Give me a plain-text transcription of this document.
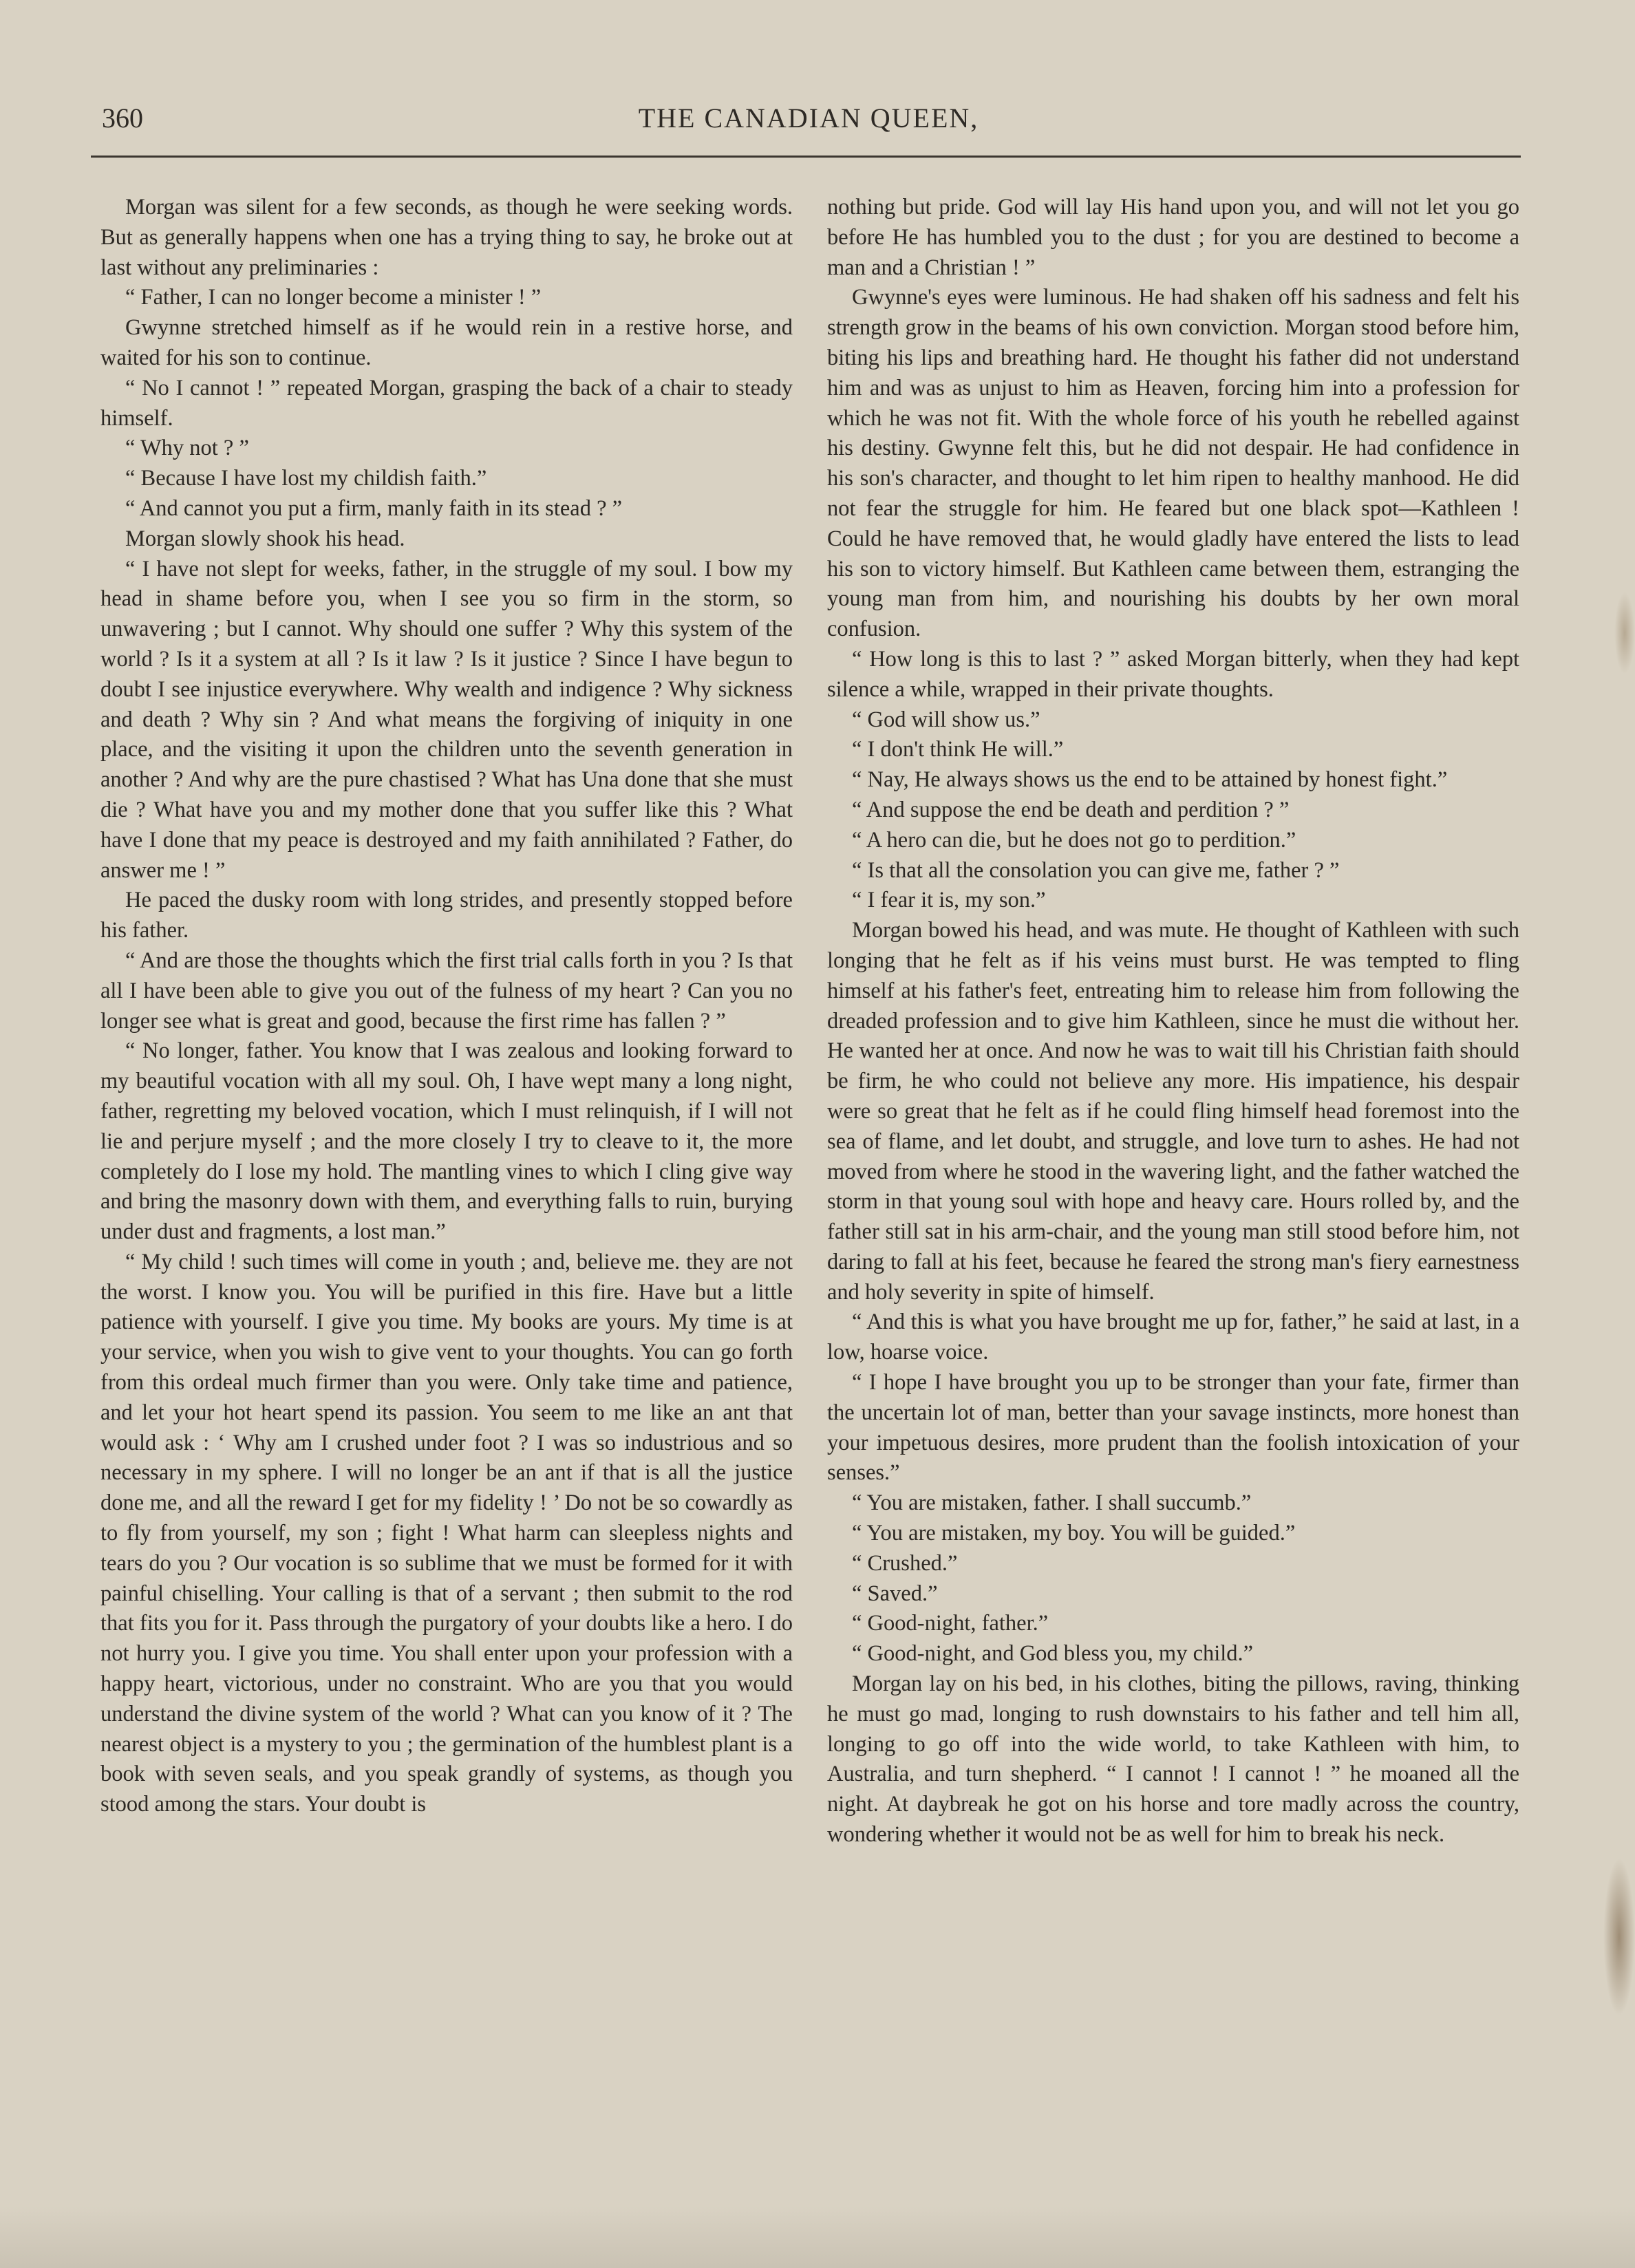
360	THE CANADIAN QUEEN,

Morgan was silent for a few seconds, as though he were seeking words. But as generally happens when one has a trying thing to say, he broke out at last without any preliminaries :

“ Father, I can no longer become a minister ! ”

Gwynne stretched himself as if he would rein in a restive horse, and waited for his son to continue.

“ No I cannot ! ” repeated Morgan, grasping the back of a chair to steady himself.

“ Why not ? ”

“ Because I have lost my childish faith.”

“ And cannot you put a firm, manly faith in its stead ? ”

Morgan slowly shook his head.

“ I have not slept for weeks, father, in the struggle of my soul. I bow my head in shame before you, when I see you so firm in the storm, so unwavering ; but I cannot. Why should one suffer ? Why this system of the world ? Is it a system at all ? Is it law ? Is it justice ? Since I have begun to doubt I see injustice everywhere. Why wealth and indigence ? Why sickness and death ? Why sin ? And what means the forgiving of iniquity in one place, and the visiting it upon the children unto the seventh generation in another ? And why are the pure chastised ? What has Una done that she must die ? What have you and my mother done that you suffer like this ? What have I done that my peace is destroyed and my faith annihilated ? Father, do answer me ! ”

He paced the dusky room with long strides, and presently stopped before his father.

“ And are those the thoughts which the first trial calls forth in you ? Is that all I have been able to give you out of the fulness of my heart ? Can you no longer see what is great and good, because the first rime has fallen ? ”

“ No longer, father. You know that I was zealous and looking forward to my beautiful vocation with all my soul. Oh, I have wept many a long night, father, regretting my beloved vocation, which I must relinquish, if I will not lie and perjure myself ; and the more closely I try to cleave to it, the more completely do I lose my hold. The mantling vines to which I cling give way and bring the masonry down with them, and everything falls to ruin, burying under dust and fragments, a lost man.”

“ My child ! such times will come in youth ; and, believe me. they are not the worst. I know you. You will be purified in this fire. Have but a little patience with yourself. I give you time. My books are yours. My time is at your service, when you wish to give vent to your thoughts. You can go forth from this ordeal much firmer than you were. Only take time and patience, and let your hot heart spend its passion. You seem to me like an ant that would ask : ‘ Why am I crushed under foot ? I was so industrious and so necessary in my sphere. I will no longer be an ant if that is all the justice done me, and all the reward I get for my fidelity ! ’ Do not be so cowardly as to fly from yourself, my son ; fight ! What harm can sleepless nights and tears do you ? Our vocation is so sublime that we must be formed for it with painful chiselling. Your calling is that of a servant ; then submit to the rod that fits you for it. Pass through the purgatory of your doubts like a hero. I do not hurry you. I give you time. You shall enter upon your profession with a happy heart, victorious, under no constraint. Who are you that you would understand the divine system of the world ? What can you know of it ? The nearest object is a mystery to you ; the germination of the humblest plant is a book with seven seals, and you speak grandly of systems, as though you stood among the stars. Your doubt is

nothing but pride. God will lay His hand upon you, and will not let you go before He has humbled you to the dust ; for you are destined to become a man and a Christian ! ”

Gwynne's eyes were luminous. He had shaken off his sadness and felt his strength grow in the beams of his own conviction. Morgan stood before him, biting his lips and breathing hard. He thought his father did not understand him and was as unjust to him as Heaven, forcing him into a profession for which he was not fit. With the whole force of his youth he rebelled against his destiny. Gwynne felt this, but he did not despair. He had confidence in his son's character, and thought to let him ripen to healthy manhood. He did not fear the struggle for him. He feared but one black spot—Kathleen ! Could he have removed that, he would gladly have entered the lists to lead his son to victory himself. But Kathleen came between them, estranging the young man from him, and nourishing his doubts by her own moral confusion.

“ How long is this to last ? ” asked Morgan bitterly, when they had kept silence a while, wrapped in their private thoughts.

“ God will show us.”

“ I don't think He will.”

“ Nay, He always shows us the end to be attained by honest fight.”

“ And suppose the end be death and perdition ? ”

“ A hero can die, but he does not go to perdition.”

“ Is that all the consolation you can give me, father ? ”

“ I fear it is, my son.”

Morgan bowed his head, and was mute. He thought of Kathleen with such longing that he felt as if his veins must burst. He was tempted to fling himself at his father's feet, entreating him to release him from following the dreaded profession and to give him Kathleen, since he must die without her. He wanted her at once. And now he was to wait till his Christian faith should be firm, he who could not believe any more. His impatience, his despair were so great that he felt as if he could fling himself head foremost into the sea of flame, and let doubt, and struggle, and love turn to ashes. He had not moved from where he stood in the wavering light, and the father watched the storm in that young soul with hope and heavy care. Hours rolled by, and the father still sat in his arm-chair, and the young man still stood before him, not daring to fall at his feet, because he feared the strong man's fiery earnestness and holy severity in spite of himself.

“ And this is what you have brought me up for, father,” he said at last, in a low, hoarse voice.

“ I hope I have brought you up to be stronger than your fate, firmer than the uncertain lot of man, better than your savage instincts, more honest than your impetuous desires, more prudent than the foolish intoxication of your senses.”

“ You are mistaken, father. I shall succumb.”

“ You are mistaken, my boy. You will be guided.”

“ Crushed.”

“ Saved.”

“ Good-night, father.”

“ Good-night, and God bless you, my child.”

Morgan lay on his bed, in his clothes, biting the pillows, raving, thinking he must go mad, longing to rush downstairs to his father and tell him all, longing to go off into the wide world, to take Kathleen with him, to Australia, and turn shepherd. “ I cannot ! I cannot ! ” he moaned all the night. At daybreak he got on his horse and tore madly across the country, wondering whether it would not be as well for him to break his neck.
